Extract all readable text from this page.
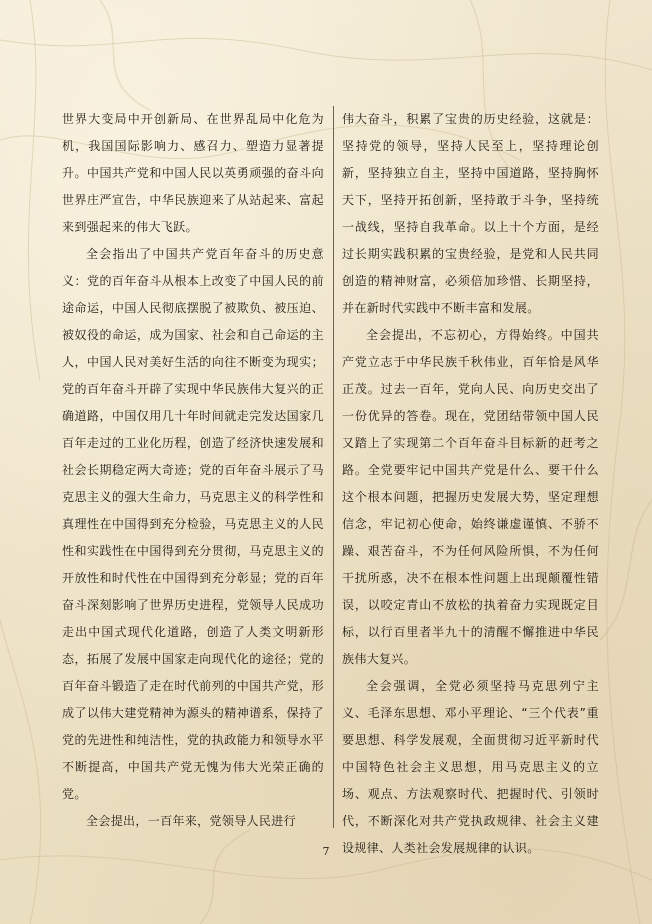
世界大变局中开创新局、在世界乱局中化危为机，我国国际影响力、感召力、塑造力显著提升。中国共产党和中国人民以英勇顽强的奋斗向世界庄严宣告，中华民族迎来了从站起来、富起来到强起来的伟大飞跃。

全会指出了中国共产党百年奋斗的历史意义：党的百年奋斗从根本上改变了中国人民的前途命运，中国人民彻底摆脱了被欺负、被压迫、被奴役的命运，成为国家、社会和自己命运的主人，中国人民对美好生活的向往不断变为现实；党的百年奋斗开辟了实现中华民族伟大复兴的正确道路，中国仅用几十年时间就走完发达国家几百年走过的工业化历程，创造了经济快速发展和社会长期稳定两大奇迹；党的百年奋斗展示了马克思主义的强大生命力，马克思主义的科学性和真理性在中国得到充分检验，马克思主义的人民性和实践性在中国得到充分贯彻，马克思主义的开放性和时代性在中国得到充分彰显；党的百年奋斗深刻影响了世界历史进程，党领导人民成功走出中国式现代化道路，创造了人类文明新形态，拓展了发展中国家走向现代化的途径；党的百年奋斗锻造了走在时代前列的中国共产党，形成了以伟大建党精神为源头的精神谱系，保持了党的先进性和纯洁性，党的执政能力和领导水平不断提高，中国共产党无愧为伟大光荣正确的党。

全会提出，一百年来，党领导人民进行

伟大奋斗，积累了宝贵的历史经验，这就是：坚持党的领导，坚持人民至上，坚持理论创新，坚持独立自主，坚持中国道路，坚持胸怀天下，坚持开拓创新，坚持敢于斗争，坚持统一战线，坚持自我革命。以上十个方面，是经过长期实践积累的宝贵经验，是党和人民共同创造的精神财富，必须倍加珍惜、长期坚持，并在新时代实践中不断丰富和发展。

全会提出，不忘初心，方得始终。中国共产党立志于中华民族千秋伟业，百年恰是风华正茂。过去一百年，党向人民、向历史交出了一份优异的答卷。现在，党团结带领中国人民又踏上了实现第二个百年奋斗目标新的赶考之路。全党要牢记中国共产党是什么、要干什么这个根本问题，把握历史发展大势，坚定理想信念，牢记初心使命，始终谦虚谨慎、不骄不躁、艰苦奋斗，不为任何风险所惧，不为任何干扰所惑，决不在根本性问题上出现颠覆性错误，以咬定青山不放松的执着奋力实现既定目标，以行百里者半九十的清醒不懈推进中华民族伟大复兴。

全会强调，全党必须坚持马克思列宁主义、毛泽东思想、邓小平理论、“三个代表”重要思想、科学发展观，全面贯彻习近平新时代中国特色社会主义思想，用马克思主义的立场、观点、方法观察时代、把握时代、引领时代，不断深化对共产党执政规律、社会主义建设规律、人类社会发展规律的认识。

7
